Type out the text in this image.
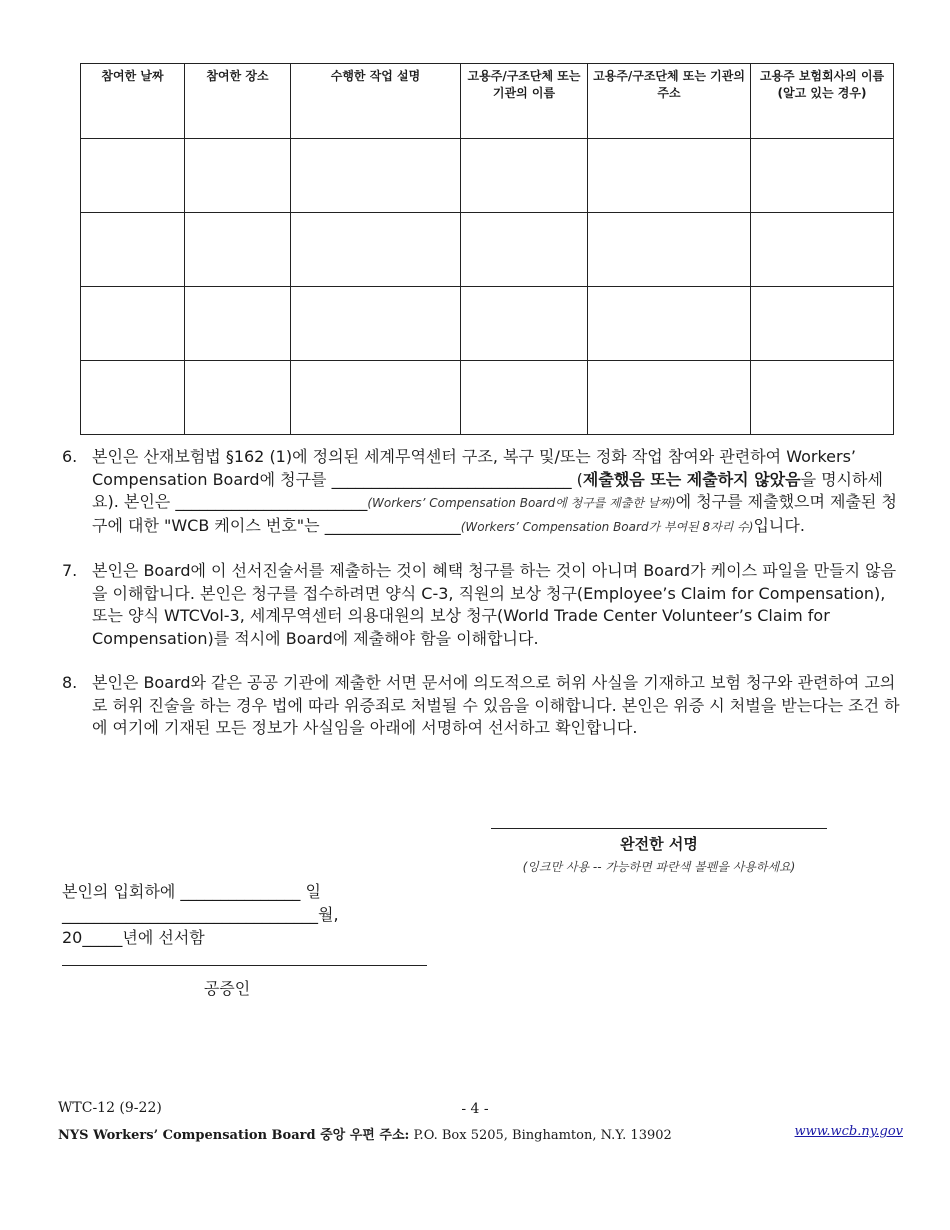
참여한 날짜	참여한 장소	수행한 작업 설명	고용주/구조단체 또는 기관의 이름	고용주/구조단체 또는 기관의 주소	고용주 보험회사의 이름(알고 있는 경우)

6. 본인은 산재보험법 §162 (1)에 정의된 세계무역센터 구조, 복구 및/또는 정화 작업 참여와 관련하여 Workers’ Compensation Board에 청구를 ______________________________ (제출했음 또는 제출하지 않았음을 명시하세요). 본인은 ________________________(Workers’ Compensation Board에 청구를 제출한 날짜)에 청구를 제출했으며 제출된 청구에 대한 "WCB 케이스 번호"는 _________________(Workers’ Compensation Board가 부여된 8자리 수)입니다.
7. 본인은 Board에 이 선서진술서를 제출하는 것이 혜택 청구를 하는 것이 아니며 Board가 케이스 파일을 만들지 않음을 이해합니다. 본인은 청구를 접수하려면 양식 C-3, 직원의 보상 청구(Employee’s Claim for Compensation), 또는 양식 WTCVol-3, 세계무역센터 의용대원의 보상 청구(World Trade Center Volunteer’s Claim for Compensation)를 적시에 Board에 제출해야 함을 이해합니다.
8. 본인은 Board와 같은 공공 기관에 제출한 서면 문서에 의도적으로 허위 사실을 기재하고 보험 청구와 관련하여 고의로 허위 진술을 하는 경우 법에 따라 위증죄로 처벌될 수 있음을 이해합니다. 본인은 위증 시 처벌을 받는다는 조건 하에 여기에 기재된 모든 정보가 사실임을 아래에 서명하여 선서하고 확인합니다.
완전한 서명
(잉크만 사용 -- 가능하면 파란색 볼펜을 사용하세요)
본인의 입회하에 _______________ 일
________________________________월,
20_____년에 선서함
공증인
WTC-12 (9-22)	- 4 -
NYS Workers’ Compensation Board 중앙 우편 주소: P.O. Box 5205, Binghamton, N.Y. 13902	www.wcb.ny.gov
